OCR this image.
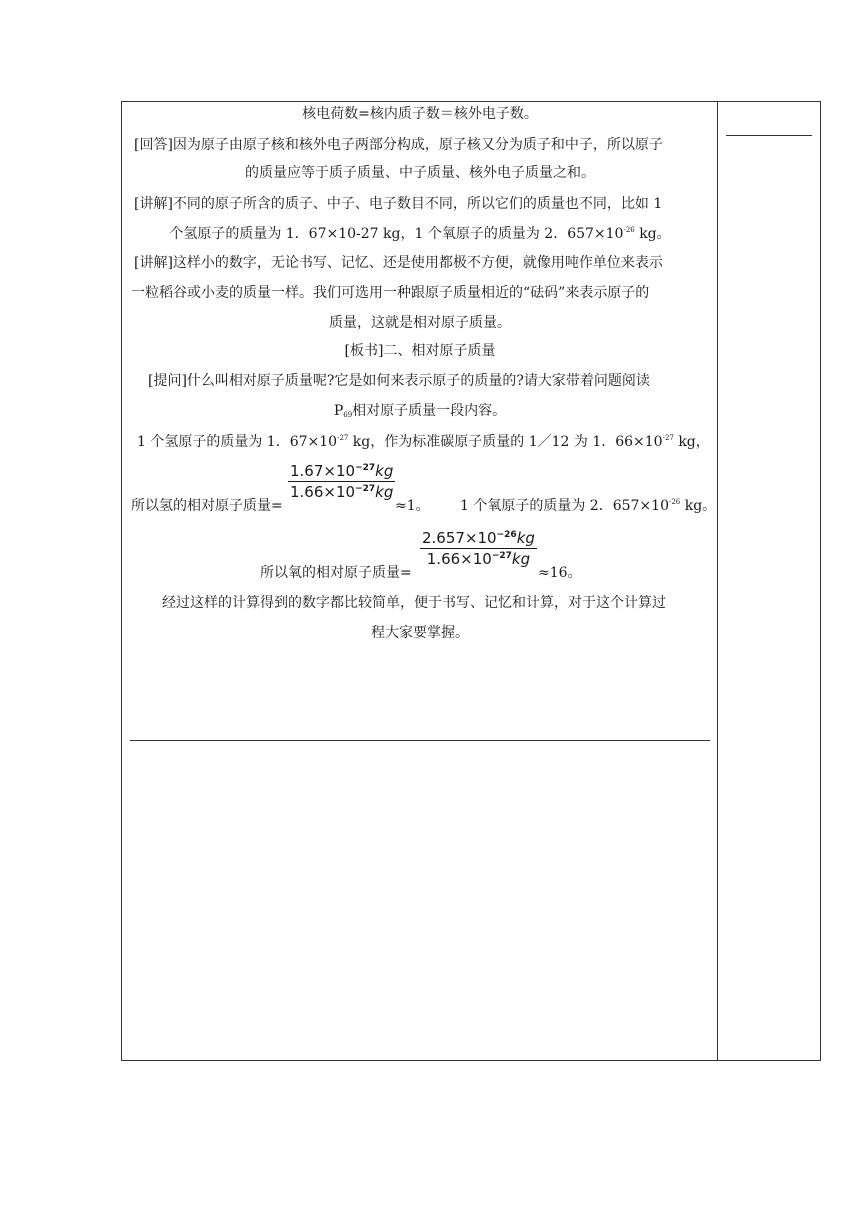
核电荷数=核内质子数＝核外电子数。
[回答]因为原子由原子核和核外电子两部分构成，原子核又分为质子和中子，所以原子
的质量应等于质子质量、中子质量、核外电子质量之和。
[讲解]不同的原子所含的质子、中子、电子数目不同，所以它们的质量也不同，比如 1
个氢原子的质量为 1．67×10-27 kg，1 个氧原子的质量为 2．$657\times 10^{-26}$ kg。
[讲解]这样小的数字，无论书写、记忆、还是使用都极不方便，就像用吨作单位来表示
一粒稻谷或小麦的质量一样。我们可选用一种跟原子质量相近的“砝码”来表示原子的
质量，这就是相对原子质量。
[板书]二、相对原子质量
[提问]什么叫相对原子质量呢?它是如何来表示原子的质量的?请大家带着问题阅读
$P_{69}$相对原子质量一段内容。
1 个氢原子的质量为 1．$67\times 10^{-27}$ kg，作为标准碳原子质量的 1／12 为 1．$66\times 10^{-27}$ kg，
所以氢的相对原子质量=
$1.67\times 10^{-27}kg$
$1.66\times 10^{-27}kg$
≈1。 1 个氧原子的质量为 2．$657\times 10^{-26}$ kg。
所以氧的相对原子质量=
$2.657\times 10^{-26}kg$
$1.66\times 10^{-27}kg$
≈16。
经过这样的计算得到的数字都比较简单，便于书写、记忆和计算，对于这个计算过
程大家要掌握。
